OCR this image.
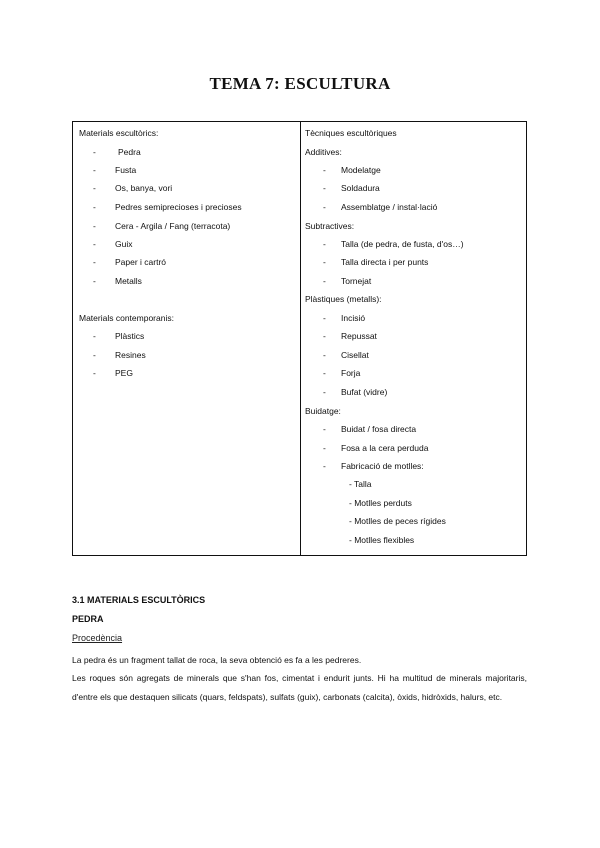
TEMA 7: ESCULTURA
Materials escultòrics:
-	Pedra
- Fusta
- Os, banya, vori
- Pedres semiprecioses i precioses
- Cera - Argila / Fang (terracota)
- Guix
- Paper i cartró
- Metalls
Materials contemporanis:
- Plàstics
- Resines
- PEG
Tècniques escultòriques
Additives:
- Modelatge
- Soldadura
- Assemblatge / instal·lació
Subtractives:
- Talla (de pedra, de fusta, d'os…)
- Talla directa i per punts
- Tornejat
Plàstiques (metalls):
- Incisió
- Repussat
- Cisellat
- Forja
- Bufat (vidre)
Buidatge:
- Buidat / fosa directa
- Fosa a la cera perduda
- Fabricació de motlles:
- Talla
- Motlles perduts
- Motlles de peces rígides
- Motlles flexibles
3.1 MATERIALS ESCULTÒRICS
PEDRA
Procedència
La pedra és un fragment tallat de roca, la seva obtenció es fa a les pedreres.
Les roques són agregats de minerals que s'han fos, cimentat i endurit junts. Hi ha multitud de minerals majoritaris, d'entre els que destaquen silicats (quars, feldspats), sulfats (guix), carbonats (calcita), òxids, hidròxids, halurs, etc.
